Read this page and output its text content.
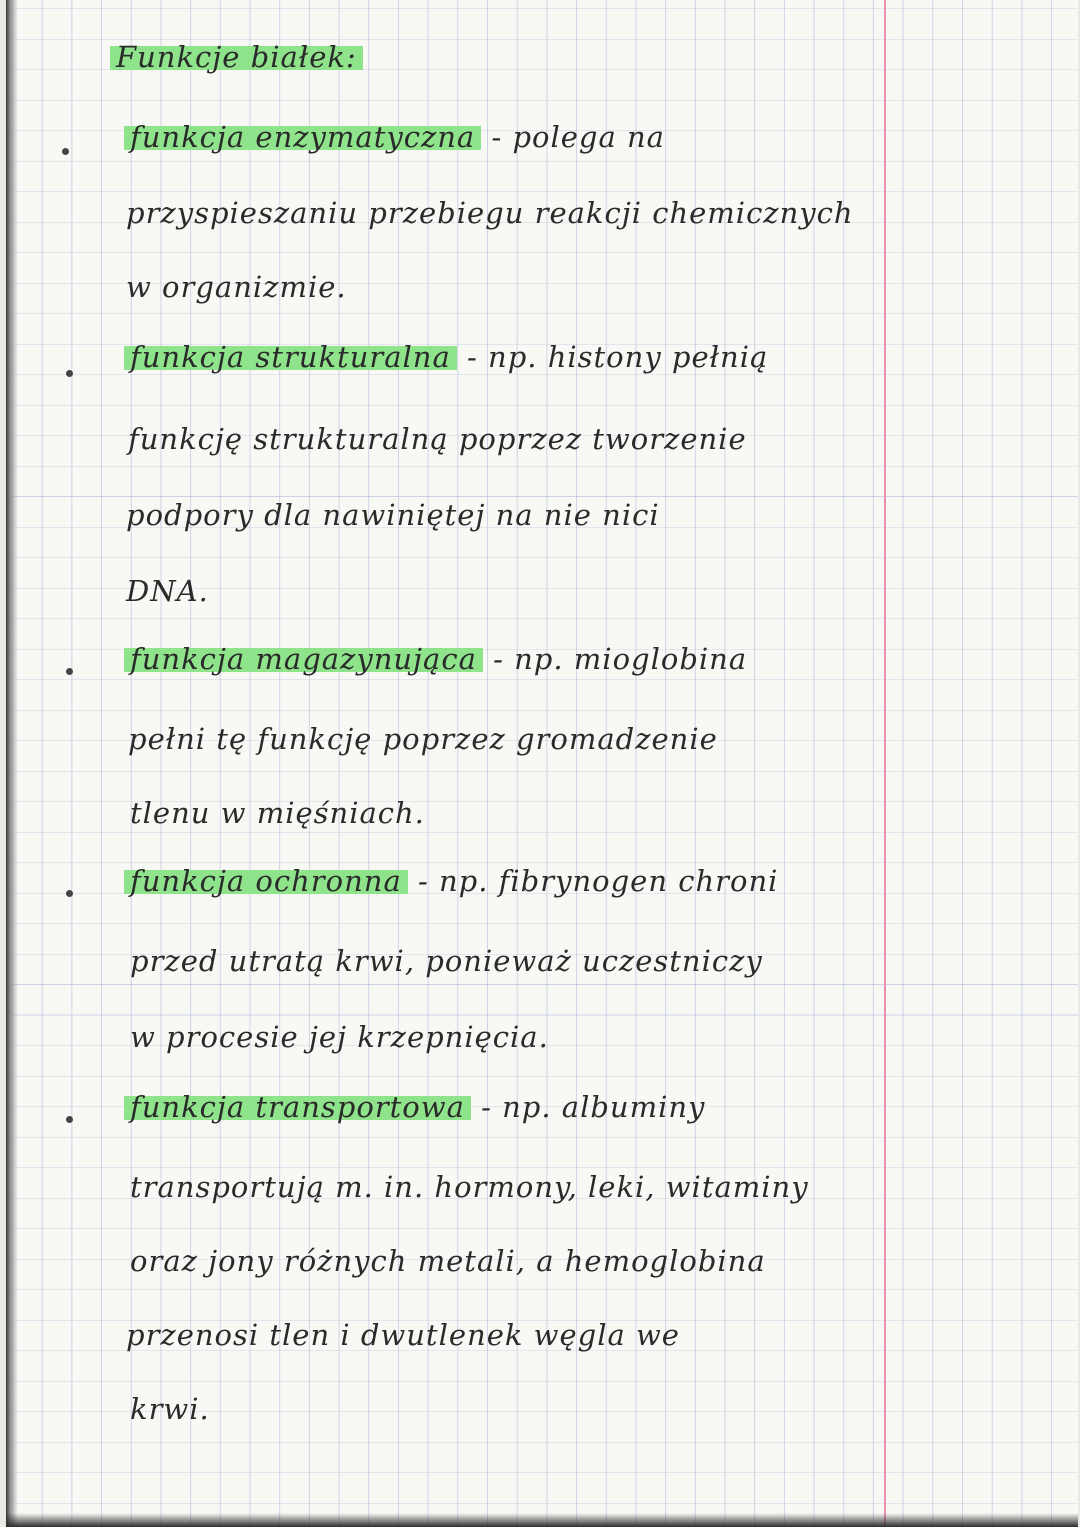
Funkcje białek:
funkcja enzymatyczna - polega na
przyspieszaniu przebiegu reakcji chemicznych
w organizmie.
funkcja strukturalna - np. histony pełnią
funkcję strukturalną poprzez tworzenie
podpory dla nawiniętej na nie nici
DNA.
funkcja magazynująca - np. mioglobina
pełni tę funkcję poprzez gromadzenie
tlenu w mięśniach.
funkcja ochronna - np. fibrynogen chroni
przed utratą krwi, ponieważ uczestniczy
w procesie jej krzepnięcia.
funkcja transportowa - np. albuminy
transportują m. in. hormony, leki, witaminy
oraz jony różnych metali, a hemoglobina
przenosi tlen i dwutlenek węgla we
krwi.
